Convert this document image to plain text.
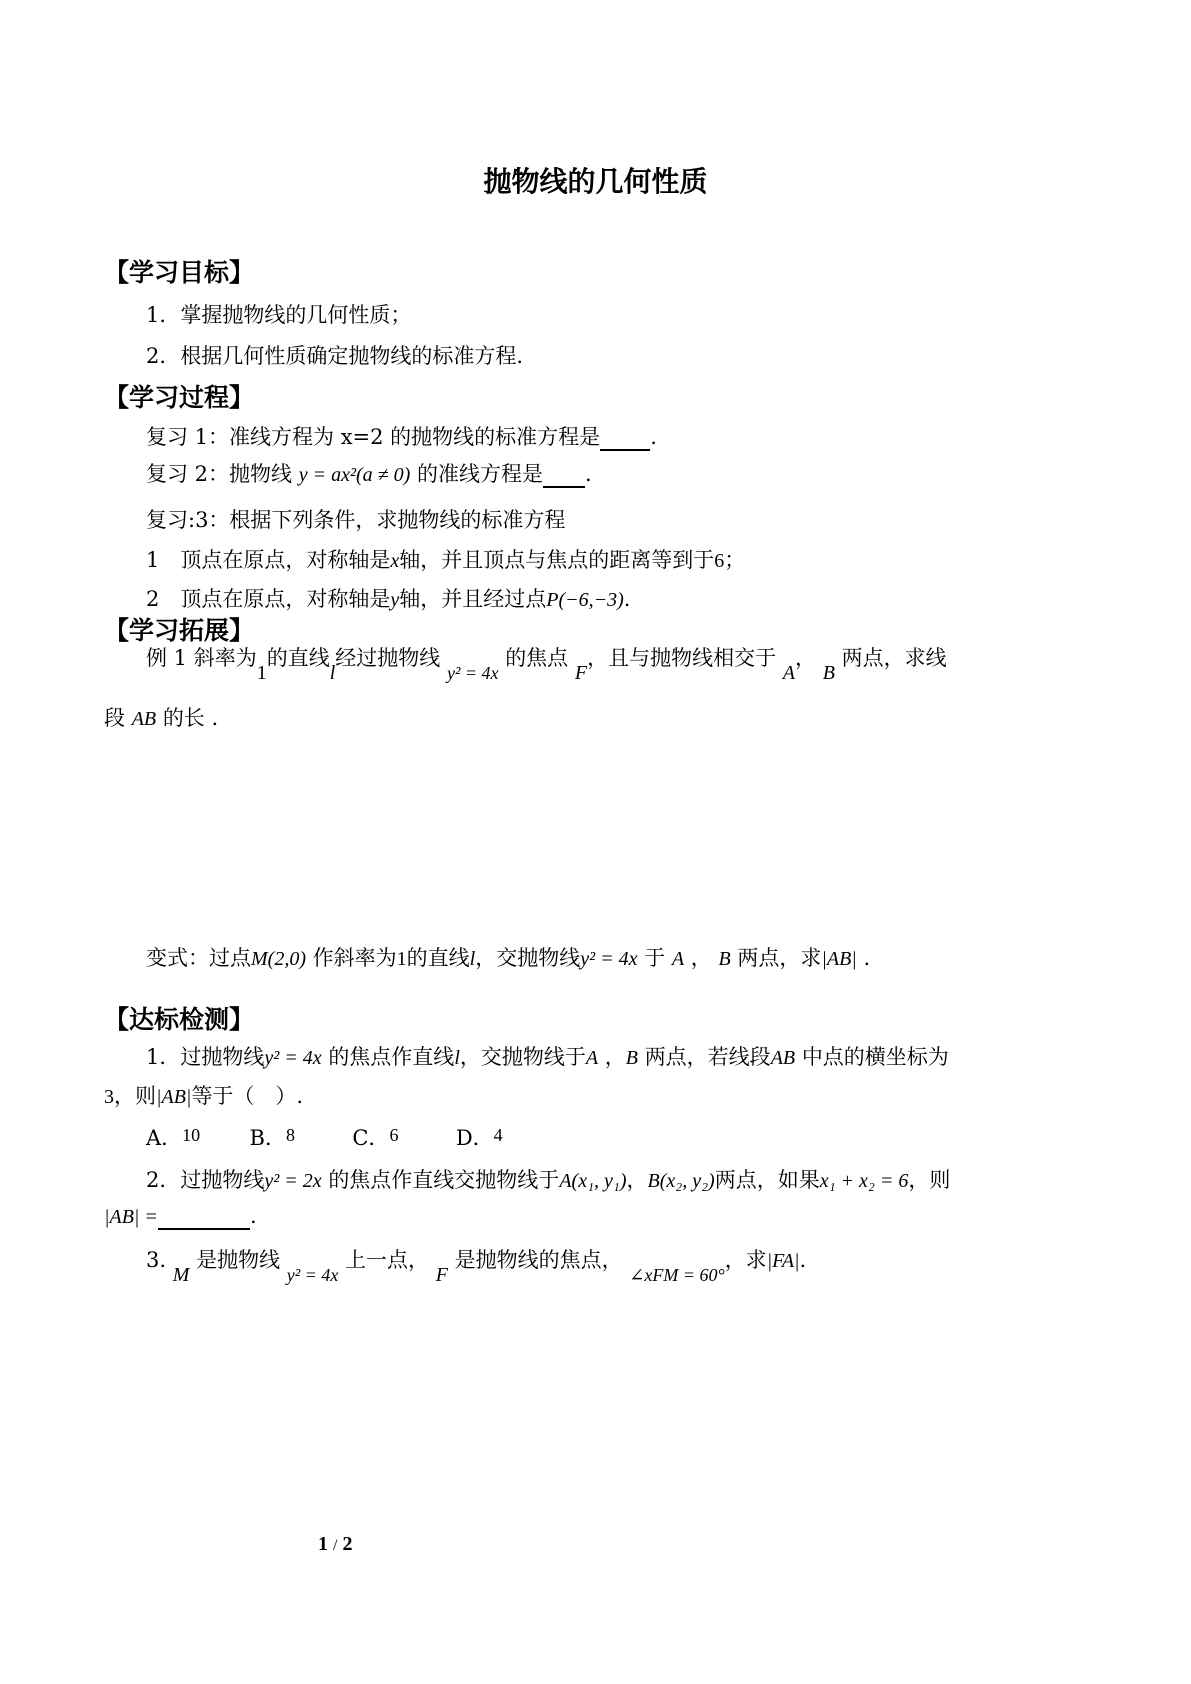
抛物线的几何性质
【学习目标】
1．掌握抛物线的几何性质；
2．根据几何性质确定抛物线的标准方程.
【学习过程】
复习 1：准线方程为 x=2 的抛物线的标准方程是 .
复习 2：抛物线 y = ax²(a ≠ 0) 的准线方程是 .
复习:3：根据下列条件，求抛物线的标准方程
1　顶点在原点，对称轴是x轴，并且顶点与焦点的距离等到于6；
2　顶点在原点，对称轴是y轴，并且经过点P(−6,−3).
【学习拓展】
例 1 斜率为1的直线l经过抛物线 y² = 4x 的焦点 F，且与抛物线相交于 A， B 两点，求线
段 AB 的长 .
变式：过点M(2,0) 作斜率为1的直线l，交抛物线y² = 4x 于 A ， B 两点，求|AB| .
【达标检测】
1．过抛物线y² = 4x 的焦点作直线l，交抛物线于A ，B 两点，若线段AB 中点的横坐标为
3，则|AB|等于（　）.
A．10 B．8	C．6	D．4
2．过抛物线y² = 2x 的焦点作直线交抛物线于A(x₁, y₁)，B(x₂, y₂)两点，如果x₁ + x₂ = 6，则
|AB| =	.
3. M 是抛物线 y² = 4x 上一点， F 是抛物线的焦点， ∠xFM = 60°，求|FA|.
1 / 2
